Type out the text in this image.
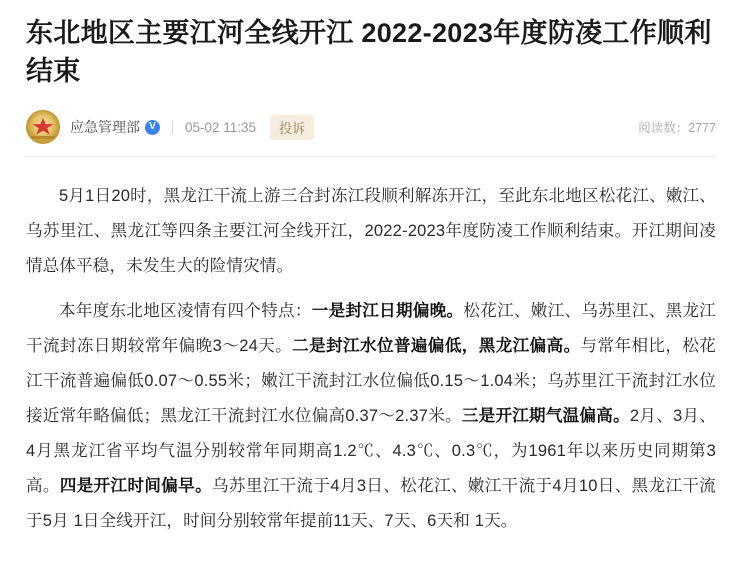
东北地区主要江河全线开江 2022-2023年度防凌工作顺利结束
应急管理部 V	05-02 11:35	投诉	阅读数：2777

5月1日20时，黑龙江干流上游三合封冻江段顺利解冻开江，至此东北地区松花江、嫩江、乌苏里江、黑龙江等四条主要江河全线开江，2022-2023年度防凌工作顺利结束。开江期间凌情总体平稳，未发生大的险情灾情。

本年度东北地区凌情有四个特点：一是封江日期偏晚。松花江、嫩江、乌苏里江、黑龙江干流封冻日期较常年偏晚3～24天。二是封江水位普遍偏低，黑龙江偏高。与常年相比，松花江干流普遍偏低0.07～0.55米；嫩江干流封江水位偏低0.15～1.04米；乌苏里江干流封江水位接近常年略偏低；黑龙江干流封江水位偏高0.37～2.37米。三是开江期气温偏高。2月、3月、4月黑龙江省平均气温分别较常年同期高1.2℃、4.3℃、0.3℃，为1961年以来历史同期第3高。四是开江时间偏早。乌苏里江干流于4月3日、松花江、嫩江干流于4月10日、黑龙江干流于5月 1日全线开江，时间分别较常年提前11天、7天、6天和 1天。
